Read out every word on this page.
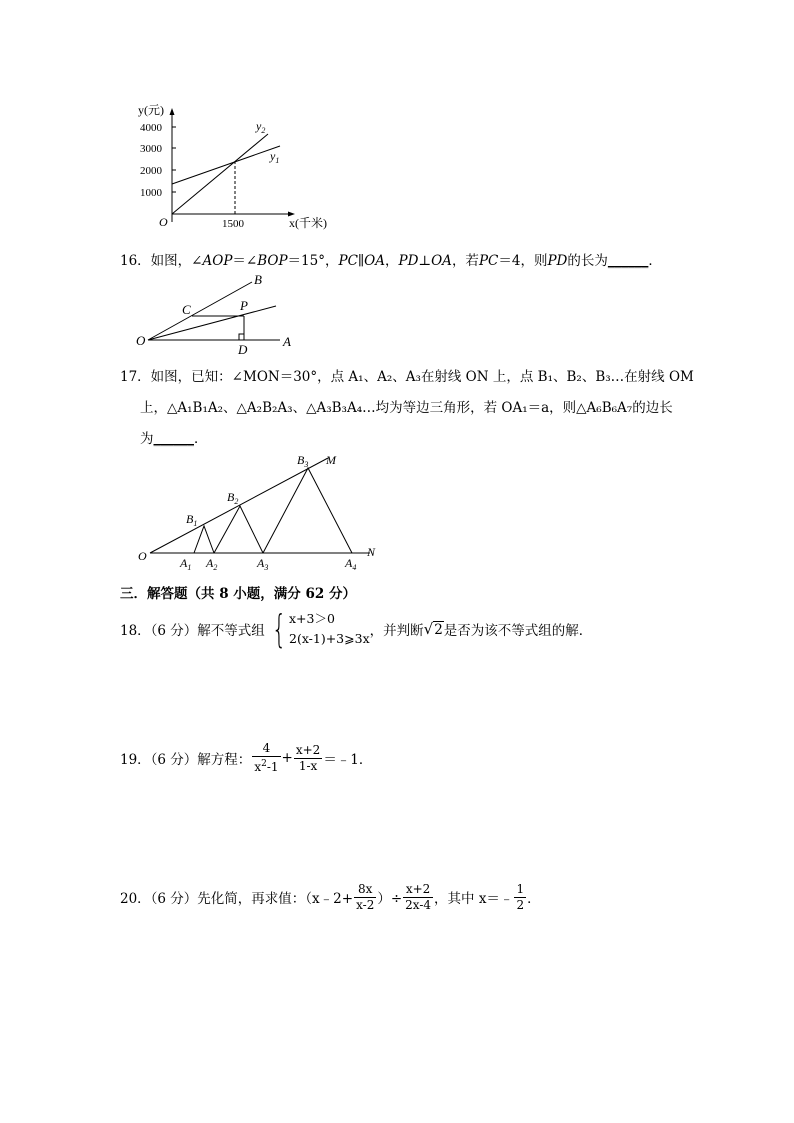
y(元)
4000
3000
2000
1000
O	1500	x(千米)
$y_2$
$y_1$
16．如图，∠AOP＝∠BOP＝15°，PC∥OA，PD⊥OA，若PC＝4，则PD的长为______．
B
C	P
O
D
A
17．如图，已知：∠MON＝30°，点 A₁、A₂、A₃在射线 ON 上，点 B₁、B₂、B₃…在射线 OM
上，△A₁B₁A₂、△A₂B₂A₃、△A₃B₃A₄…均为等边三角形，若 OA₁＝a，则△A₆B₆A₇的边长
为______．
O
M
N
$B_1$
$B_2$
$B_3$
$A_1$ $A_2$	$A_3$	$A_4$
三．解答题（共 8 小题，满分 62 分）
18．（6 分）解不等式组 { x+3＞0
2(x-1)+3⩾3x ，并判断 √ 2 是否为该不等式组的解．
19．（6 分）解方程： $\frac{4}{x^2-1} + \frac{x+2}{1-x}$ ＝﹣1．
20．（6 分）先化简，再求值：（x﹣2+ $\frac{8x}{x-2}$ ）÷ $\frac{x+2}{2x-4}$ ，其中 x＝﹣ $\frac{1}{2}$ ．
